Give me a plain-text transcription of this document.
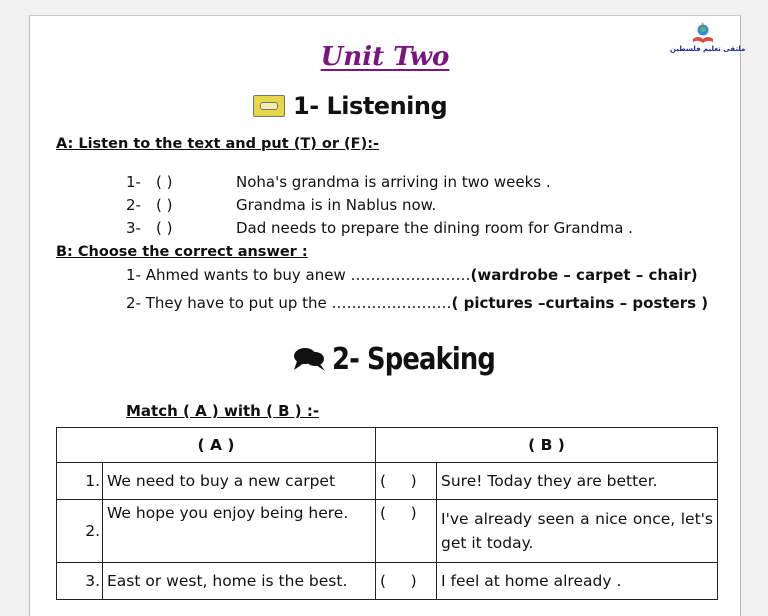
ملتقى تعليم فلسطين
Unit Two
1- Listening
A: Listen to the text and put (T) or (F):-
1- ( )	Noha's grandma is arriving in two weeks .
2- ( )	Grandma is in Nablus now.
3- ( )	Dad needs to prepare the dining room for Grandma .
B: Choose the correct answer :
1- Ahmed wants to buy anew ……………………(wardrobe – carpet – chair)
2- They have to put up the ……………………( pictures –curtains – posters )
2- Speaking
Match ( A ) with ( B ) :-
( A )		( B )	
1.	We need to buy a new carpet	(     )	Sure! Today they are better.
2.	We hope you enjoy being here.	(     )	I've already seen a nice once, let's get it today.
3.	East or west, home is the best.	(     )	I feel at home already .
